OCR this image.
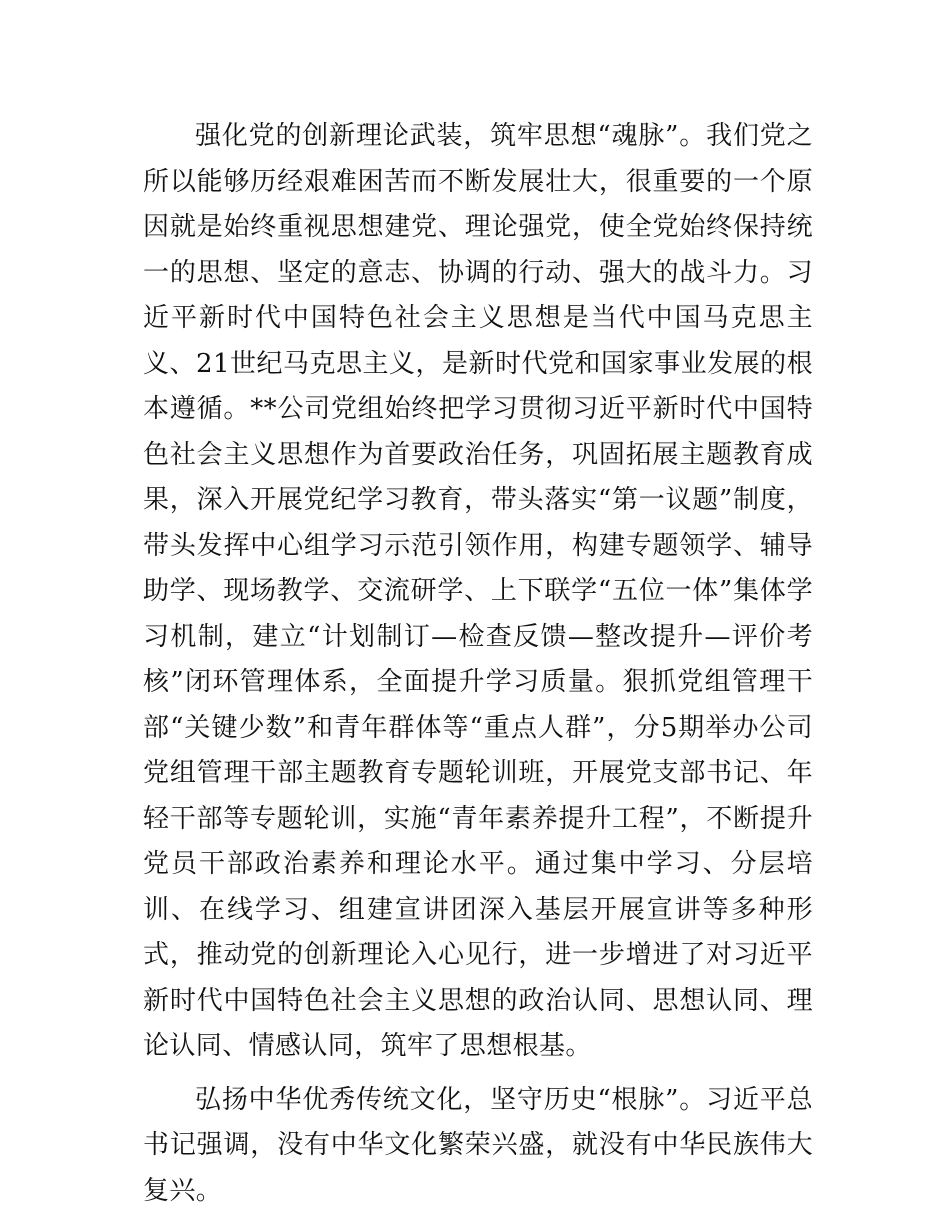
强化党的创新理论武装，筑牢思想“魂脉”。我们党之所以能够历经艰难困苦而不断发展壮大，很重要的一个原因就是始终重视思想建党、理论强党，使全党始终保持统一的思想、坚定的意志、协调的行动、强大的战斗力。习近平新时代中国特色社会主义思想是当代中国马克思主义、21世纪马克思主义，是新时代党和国家事业发展的根本遵循。**公司党组始终把学习贯彻习近平新时代中国特色社会主义思想作为首要政治任务，巩固拓展主题教育成果，深入开展党纪学习教育，带头落实“第一议题”制度，带头发挥中心组学习示范引领作用，构建专题领学、辅导助学、现场教学、交流研学、上下联学“五位一体”集体学习机制，建立“计划制订—检查反馈—整改提升—评价考核”闭环管理体系，全面提升学习质量。狠抓党组管理干部“关键少数”和青年群体等“重点人群”，分5期举办公司党组管理干部主题教育专题轮训班，开展党支部书记、年轻干部等专题轮训，实施“青年素养提升工程”，不断提升党员干部政治素养和理论水平。通过集中学习、分层培训、在线学习、组建宣讲团深入基层开展宣讲等多种形式，推动党的创新理论入心见行，进一步增进了对习近平新时代中国特色社会主义思想的政治认同、思想认同、理论认同、情感认同，筑牢了思想根基。

弘扬中华优秀传统文化，坚守历史“根脉”。习近平总书记强调，没有中华文化繁荣兴盛，就没有中华民族伟大复兴。
